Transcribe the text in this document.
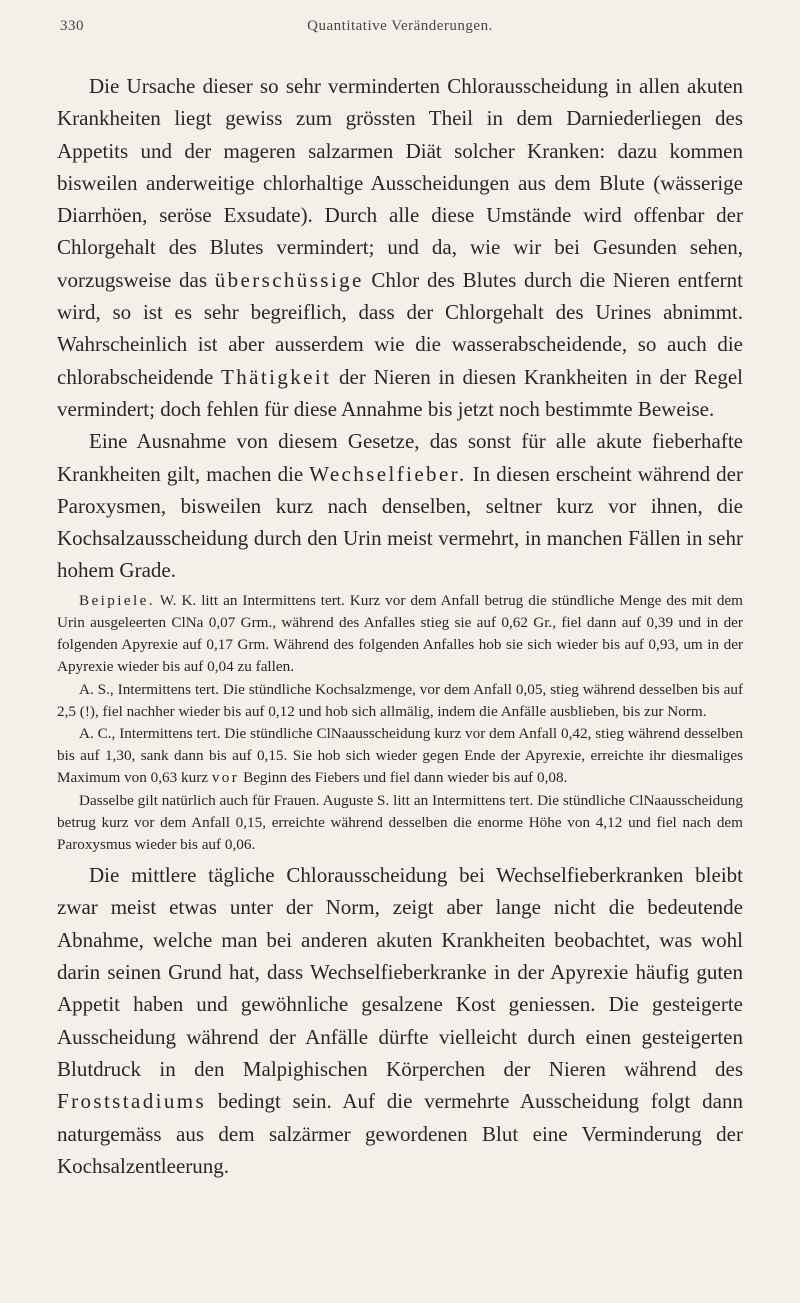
330	Quantitative Veränderungen.

Die Ursache dieser so sehr verminderten Chlorausscheidung in allen akuten Krankheiten liegt gewiss zum grössten Theil in dem Darniederliegen des Appetits und der mageren salzarmen Diät solcher Kranken: dazu kommen bisweilen anderweitige chlorhaltige Ausscheidungen aus dem Blute (wässerige Diarrhöen, seröse Exsudate). Durch alle diese Umstände wird offenbar der Chlorgehalt des Blutes vermindert; und da, wie wir bei Gesunden sehen, vorzugsweise das überschüssige Chlor des Blutes durch die Nieren entfernt wird, so ist es sehr begreiflich, dass der Chlorgehalt des Urines abnimmt. Wahrscheinlich ist aber ausserdem wie die wasserabscheidende, so auch die chlorabscheidende Thätigkeit der Nieren in diesen Krankheiten in der Regel vermindert; doch fehlen für diese Annahme bis jetzt noch bestimmte Beweise.

Eine Ausnahme von diesem Gesetze, das sonst für alle akute fieberhafte Krankheiten gilt, machen die Wechselfieber. In diesen erscheint während der Paroxysmen, bisweilen kurz nach denselben, seltner kurz vor ihnen, die Kochsalzausscheidung durch den Urin meist vermehrt, in manchen Fällen in sehr hohem Grade.

Beipiele. W. K. litt an Intermittens tert. Kurz vor dem Anfall betrug die stündliche Menge des mit dem Urin ausgeleerten ClNa 0,07 Grm., während des Anfalles stieg sie auf 0,62 Gr., fiel dann auf 0,39 und in der folgenden Apyrexie auf 0,17 Grm. Während des folgenden Anfalles hob sie sich wieder bis auf 0,93, um in der Apyrexie wieder bis auf 0,04 zu fallen.

A. S., Intermittens tert. Die stündliche Kochsalzmenge, vor dem Anfall 0,05, stieg während desselben bis auf 2,5 (!), fiel nachher wieder bis auf 0,12 und hob sich allmälig, indem die Anfälle ausblieben, bis zur Norm.

A. C., Intermittens tert. Die stündliche ClNaausscheidung kurz vor dem Anfall 0,42, stieg während desselben bis auf 1,30, sank dann bis auf 0,15. Sie hob sich wieder gegen Ende der Apyrexie, erreichte ihr diesmaliges Maximum von 0,63 kurz vor Beginn des Fiebers und fiel dann wieder bis auf 0,08.

Dasselbe gilt natürlich auch für Frauen. Auguste S. litt an Intermittens tert. Die stündliche ClNaausscheidung betrug kurz vor dem Anfall 0,15, erreichte während desselben die enorme Höhe von 4,12 und fiel nach dem Paroxysmus wieder bis auf 0,06.

Die mittlere tägliche Chlorausscheidung bei Wechselfieberkranken bleibt zwar meist etwas unter der Norm, zeigt aber lange nicht die bedeutende Abnahme, welche man bei anderen akuten Krankheiten beobachtet, was wohl darin seinen Grund hat, dass Wechselfieberkranke in der Apyrexie häufig guten Appetit haben und gewöhnliche gesalzene Kost geniessen. Die gesteigerte Ausscheidung während der Anfälle dürfte vielleicht durch einen gesteigerten Blutdruck in den Malpighischen Körperchen der Nieren während des Froststadiums bedingt sein. Auf die vermehrte Ausscheidung folgt dann naturgemäss aus dem salzärmer gewordenen Blut eine Verminderung der Kochsalzentleerung.
